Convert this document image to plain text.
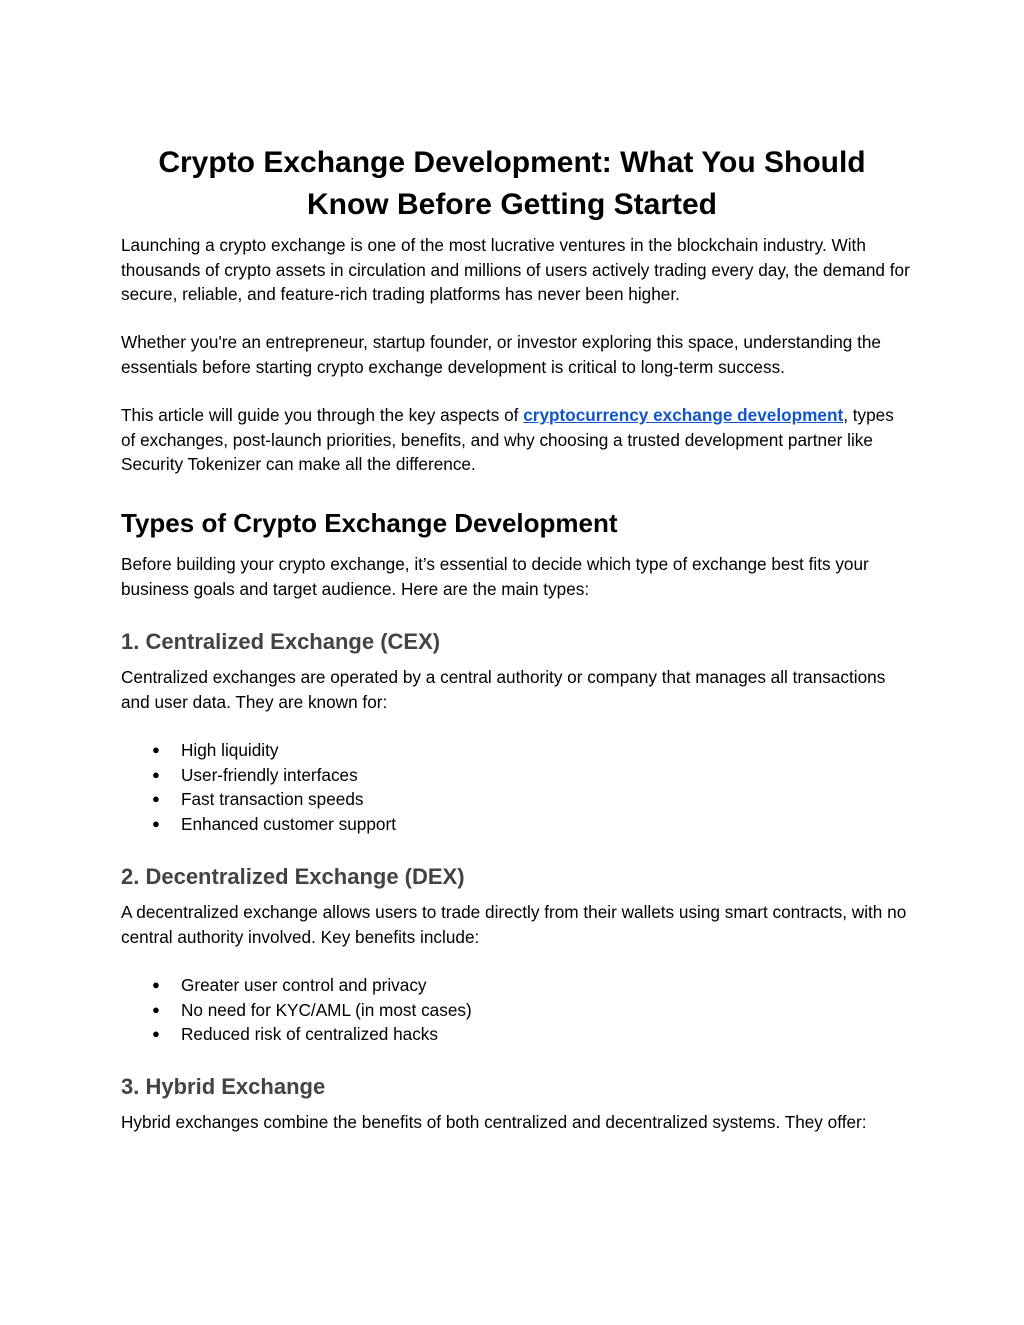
Crypto Exchange Development: What You Should Know Before Getting Started

Launching a crypto exchange is one of the most lucrative ventures in the blockchain industry. With thousands of crypto assets in circulation and millions of users actively trading every day, the demand for secure, reliable, and feature-rich trading platforms has never been higher.

Whether you're an entrepreneur, startup founder, or investor exploring this space, understanding the essentials before starting crypto exchange development is critical to long-term success.

This article will guide you through the key aspects of cryptocurrency exchange development, types of exchanges, post-launch priorities, benefits, and why choosing a trusted development partner like Security Tokenizer can make all the difference.

Types of Crypto Exchange Development

Before building your crypto exchange, it’s essential to decide which type of exchange best fits your business goals and target audience. Here are the main types:

1. Centralized Exchange (CEX)

Centralized exchanges are operated by a central authority or company that manages all transactions and user data. They are known for:

● High liquidity
● User-friendly interfaces
● Fast transaction speeds
● Enhanced customer support
2. Decentralized Exchange (DEX)

A decentralized exchange allows users to trade directly from their wallets using smart contracts, with no central authority involved. Key benefits include:

● Greater user control and privacy
● No need for KYC/AML (in most cases)
● Reduced risk of centralized hacks
3. Hybrid Exchange

Hybrid exchanges combine the benefits of both centralized and decentralized systems. They offer:
